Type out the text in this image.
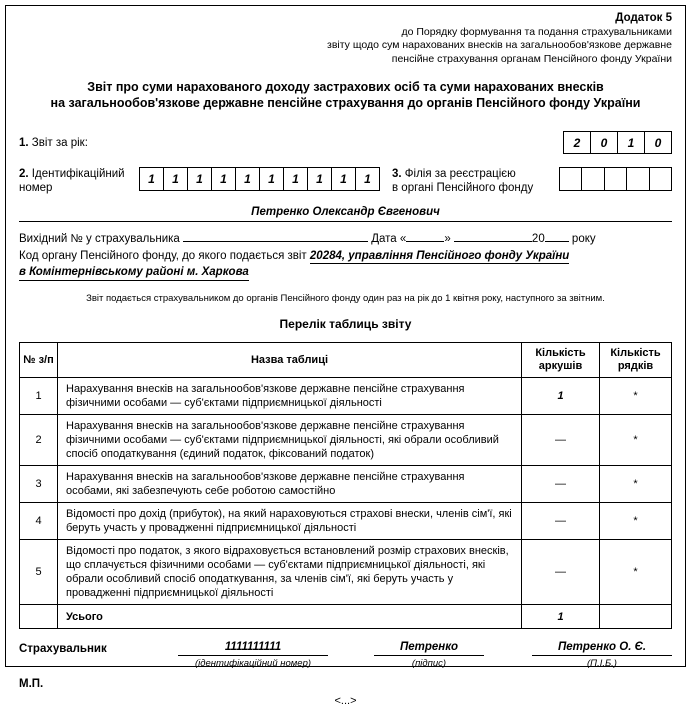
Додаток 5
до Порядку формування та подання страхувальниками
звіту щодо сум нарахованих внесків на загальнообов'язкове державне
пенсійне страхування органам Пенсійного фонду України
Звіт про суми нарахованого доходу застрахових осіб та суми нарахованих внесків
на загальнообов'язкове державне пенсійне страхування до органів Пенсійного фонду України
1. Звіт за рік:	2	0	1	0
2. Ідентифікаційний номер
1	1	1	1	1	1	1	1	1	1	3. Філія за реєстрацією
в органі Пенсійного фонду
Петренко Олександр Євгенович
Вихідний № у страхувальника	Дата «	»	20 року
Код органу Пенсійного фонду, до якого подається звіт 20284, управління Пенсійного фонду України
в Комінтернівському районі м. Харкова
Звіт подається страхувальником до органів Пенсійного фонду один раз на рік до 1 квітня року, наступного за звітним.
Перелік таблиць звіту
№ з/п	Назва таблиці	Кількість аркушів	Кількість рядків
1	Нарахування внесків на загальнообов'язкове державне пенсійне страхування фізичними особами — суб'єктами підприємницької діяльності	1	*
2	Нарахування внесків на загальнообов'язкове державне пенсійне страхування фізичними особами — суб'єктами підприємницької діяльності, які обрали особливий спосіб оподаткування (єдиний податок, фіксований податок)	—	*
3	Нарахування внесків на загальнообов'язкове державне пенсійне страхування особами, які забезпечують себе роботою самостійно	—	*
4	Відомості про дохід (прибуток), на який нараховуються страхові внески, членів сім'ї, які беруть участь у провадженні підприємницької діяльності	—	*
5	Відомості про податок, з якого відраховується встановлений розмір страхових внесків, що сплачується фізичними особами — суб'єктами підприємницької діяльності, які обрали особливий спосіб оподаткування, за членів сім'ї, які беруть участь у провадженні підприємницької діяльності	—	*
	Усього	1	
Страхувальник	1111111111
(ідентифікаційний номер)
Петренко
(підпис)
Петренко О. Є.
(П.І.Б.)
М.П.
<...>
